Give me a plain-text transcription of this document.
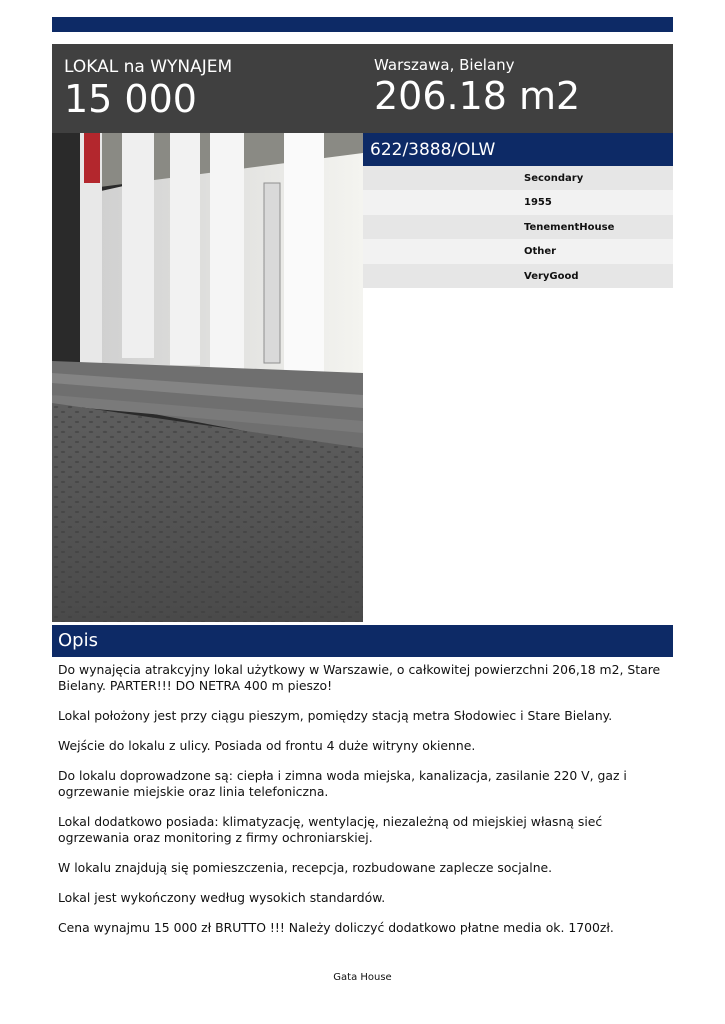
LOKAL na WYNAJEM
15 000
Warszawa, Bielany
206.18 m2
622/3888/OLW
Secondary
1955
TenementHouse
Other
VeryGood
Opis

Do wynajęcia atrakcyjny lokal użytkowy w Warszawie, o całkowitej powierzchni 206,18 m2, Stare Bielany. PARTER!!! DO NETRA 400 m pieszo!

Lokal położony jest przy ciągu pieszym, pomiędzy stacją metra Słodowiec i Stare Bielany.

Wejście do lokalu z ulicy. Posiada od frontu 4 duże witryny okienne.

Do lokalu doprowadzone są: ciepła i zimna woda miejska, kanalizacja, zasilanie 220 V, gaz i ogrzewanie miejskie oraz linia telefoniczna.

Lokal dodatkowo posiada: klimatyzację, wentylację, niezależną od miejskiej własną sieć ogrzewania oraz monitoring z firmy ochroniarskiej.

W lokalu znajdują się pomieszczenia, recepcja, rozbudowane zaplecze socjalne.

Lokal jest wykończony według wysokich standardów.

Cena wynajmu 15 000 zł BRUTTO !!! Należy doliczyć dodatkowo płatne media ok. 1700zł.

Gata House
